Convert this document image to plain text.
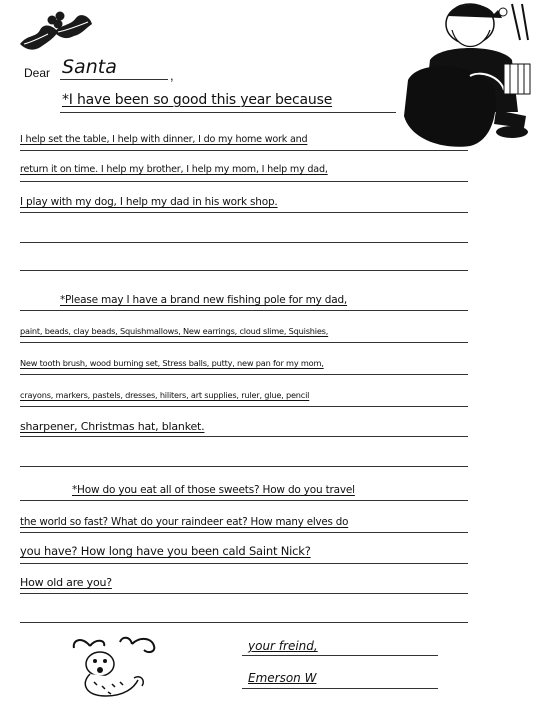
Dear Santa	,
*I have been so good this year because
I help set the table, I help with dinner, I do my home work and
return it on time. I help my brother, I help my mom, I help my dad,
I play with my dog, I help my dad in his work shop.
*Please may I have a brand new fishing pole for my dad,
paint, beads, clay beads, Squishmallows, New earrings, cloud slime, Squishies,
New tooth brush, wood burning set, Stress balls, putty, new pan for my mom,
crayons, markers, pastels, dresses, hiliters, art supplies, ruler, glue, pencil
sharpener, Christmas hat, blanket.
*How do you eat all of those sweets? How do you travel
the world so fast? What do your raindeer eat? How many elves do
you have? How long have you been cald Saint Nick?
How old are you?
your freind,
Emerson W
